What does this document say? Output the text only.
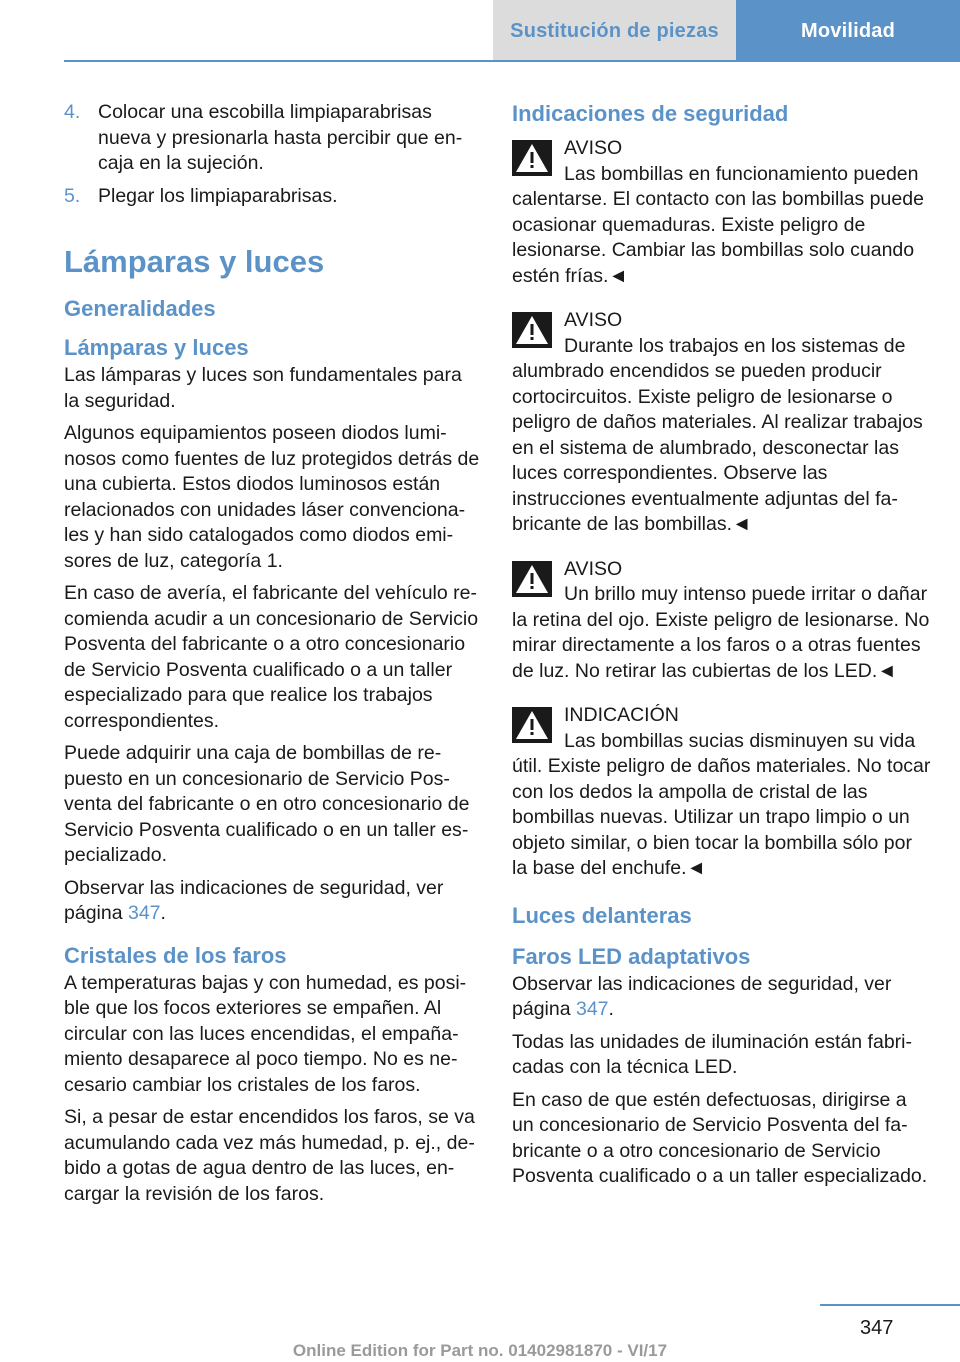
Sustitución de piezas	Movilidad
4. Colocar una escobilla limpiaparabrisas nueva y presionarla hasta percibir que encaja en la sujeción.
5. Plegar los limpiaparabrisas.
Lámparas y luces
Generalidades
Lámparas y luces

Las lámparas y luces son fundamentales para la seguridad.

Algunos equipamientos poseen diodos luminosos como fuentes de luz protegidos detrás de una cubierta. Estos diodos luminosos están relacionados con unidades láser convencionales y han sido catalogados como diodos emisores de luz, categoría 1.

En caso de avería, el fabricante del vehículo recomienda acudir a un concesionario de Servicio Posventa del fabricante o a otro concesionario de Servicio Posventa cualificado o a un taller especializado para que realice los trabajos correspondientes.

Puede adquirir una caja de bombillas de repuesto en un concesionario de Servicio Posventa del fabricante o en otro concesionario de Servicio Posventa cualificado o en un taller especializado.

Observar las indicaciones de seguridad, ver página 347.

Cristales de los faros

A temperaturas bajas y con humedad, es posible que los focos exteriores se empañen. Al circular con las luces encendidas, el empañamiento desaparece al poco tiempo. No es necesario cambiar los cristales de los faros.

Si, a pesar de estar encendidos los faros, se va acumulando cada vez más humedad, p. ej., debido a gotas de agua dentro de las luces, encargar la revisión de los faros.

Indicaciones de seguridad
AVISO
Las bombillas en funcionamiento pueden calentarse. El contacto con las bombillas puede ocasionar quemaduras. Existe peligro de lesionarse. Cambiar las bombillas solo cuando estén frías.◄
AVISO
Durante los trabajos en los sistemas de alumbrado encendidos se pueden producir cortocircuitos. Existe peligro de lesionarse o peligro de daños materiales. Al realizar trabajos en el sistema de alumbrado, desconectar las luces correspondientes. Observe las instrucciones eventualmente adjuntas del fabricante de las bombillas.◄
AVISO
Un brillo muy intenso puede irritar o dañar la retina del ojo. Existe peligro de lesionarse. No mirar directamente a los faros o a otras fuentes de luz. No retirar las cubiertas de los LED.◄
INDICACIÓN
Las bombillas sucias disminuyen su vida útil. Existe peligro de daños materiales. No tocar con los dedos la ampolla de cristal de las bombillas nuevas. Utilizar un trapo limpio o un objeto similar, o bien tocar la bombilla sólo por la base del enchufe.◄
Luces delanteras
Faros LED adaptativos

Observar las indicaciones de seguridad, ver página 347.

Todas las unidades de iluminación están fabricadas con la técnica LED.

En caso de que estén defectuosas, dirigirse a un concesionario de Servicio Posventa del fabricante o a otro concesionario de Servicio Posventa cualificado o a un taller especializado.

347
Online Edition for Part no. 01402981870 - VI/17
